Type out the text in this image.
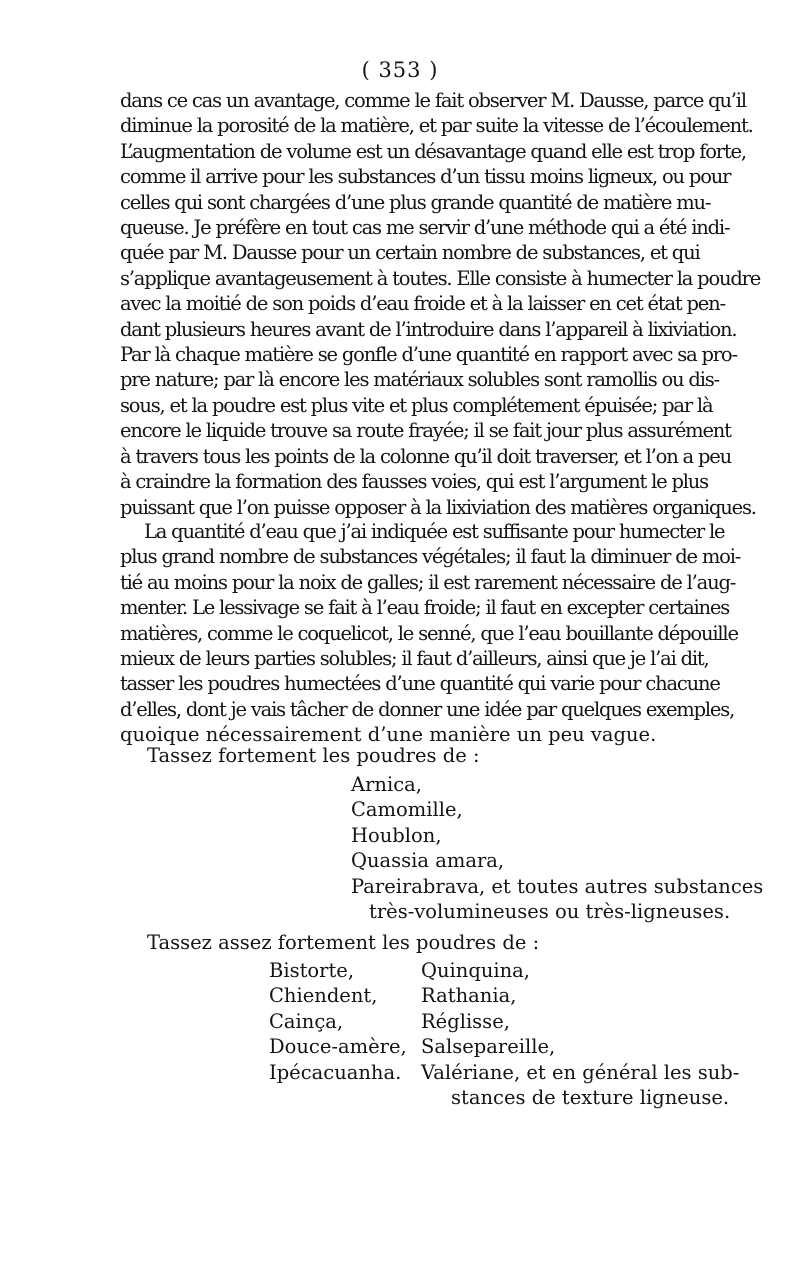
( 353 )
dans ce cas un avantage, comme le fait observer M. Dausse, parce qu’il
diminue la porosité de la matière, et par suite la vitesse de l’écoulement.
L’augmentation de volume est un désavantage quand elle est trop forte,
comme il arrive pour les substances d’un tissu moins ligneux, ou pour
celles qui sont chargées d’une plus grande quantité de matière mu-
queuse. Je préfère en tout cas me servir d’une méthode qui a été indi-
quée par M. Dausse pour un certain nombre de substances, et qui
s’applique avantageusement à toutes. Elle consiste à humecter la poudre
avec la moitié de son poids d’eau froide et à la laisser en cet état pen-
dant plusieurs heures avant de l’introduire dans l’appareil à lixiviation.
Par là chaque matière se gonfle d’une quantité en rapport avec sa pro-
pre nature; par là encore les matériaux solubles sont ramollis ou dis-
sous, et la poudre est plus vite et plus complétement épuisée; par là
encore le liquide trouve sa route frayée; il se fait jour plus assurément
à travers tous les points de la colonne qu’il doit traverser, et l’on a peu
à craindre la formation des fausses voies, qui est l’argument le plus
puissant que l’on puisse opposer à la lixiviation des matières organiques.
La quantité d’eau que j’ai indiquée est suffisante pour humecter le
plus grand nombre de substances végétales; il faut la diminuer de moi-
tié au moins pour la noix de galles; il est rarement nécessaire de l’aug-
menter. Le lessivage se fait à l’eau froide; il faut en excepter certaines
matières, comme le coquelicot, le senné, que l’eau bouillante dépouille
mieux de leurs parties solubles; il faut d’ailleurs, ainsi que je l’ai dit,
tasser les poudres humectées d’une quantité qui varie pour chacune
d’elles, dont je vais tâcher de donner une idée par quelques exemples,
quoique nécessairement d’une manière un peu vague.
Tassez fortement les poudres de :
Arnica,
Camomille,
Houblon,
Quassia amara,
Pareirabrava, et toutes autres substances
très-volumineuses ou très-ligneuses.
Tassez assez fortement les poudres de :
Bistorte,
Chiendent,
Cainça,
Douce-amère,
Ipécacuanha.
Quinquina,
Rathania,
Réglisse,
Salsepareille,
Valériane, et en général les sub-
stances de texture ligneuse.
